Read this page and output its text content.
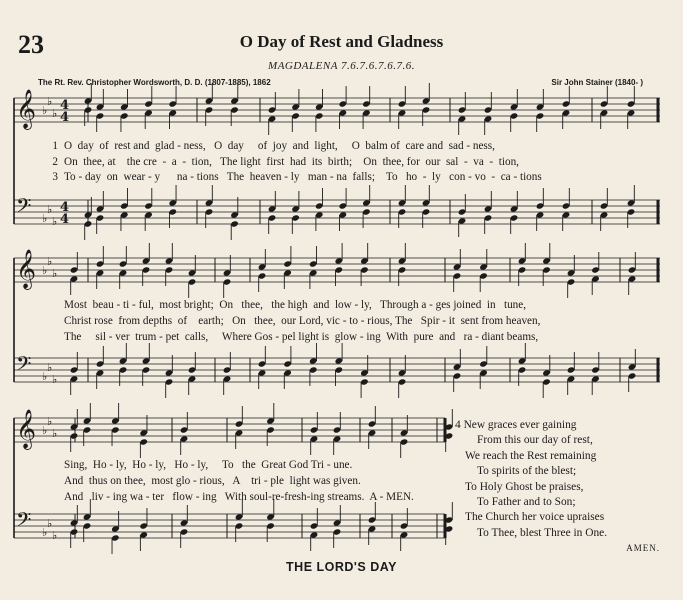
23	O Day of Rest and Gladness
MAGDALENA 7.6.7.6.7.6.7.6.
The Rt. Rev. Christopher Wordsworth, D. D. (1807-1885), 1862	Sir John Stainer (1840- )
𝄞 ♭
♭
♭
4
4
𝄢 ♭
♭
♭
4
4
𝄞 ♭
♭
♭
𝄢 ♭
♭
♭
𝄞 ♭
♭
♭
𝄢 ♭
♭
♭
1 O  day  of  rest and  glad - ness,   O  day     of  joy  and  light,     O  balm of  care and  sad - ness,
2 On  thee, at    the cre  -  a  -  tion,   The light  first  had  its  birth;    On  thee, for  our  sal  -  va  -  tion,
3 To - day  on  wear - y      na - tions   The  heaven - ly   man - na  falls;    To   ho  -  ly   con - vo  -  ca - tions
Most  beau - ti - ful,  most bright;  On   thee,   the high  and  low - ly,   Through a - ges joined  in   tune,
Christ rose  from depths  of    earth;   On   thee,  our Lord, vic - to - rious, The   Spir - it  sent from heaven,
The     sil - ver  trum - pet  calls,     Where Gos - pel light is  glow - ing  With  pure  and   ra - diant beams,
Sing,  Ho - ly,  Ho - ly,   Ho - ly,     To   the  Great God Tri - une.
And  thus on thee,  most glo - rious,   A    tri - ple  light was given.
And   liv - ing wa - ter   flow - ing   With soul-re-fresh-ing streams.  A - MEN.
4 New graces ever gaining
From this our day of rest,
We reach the Rest remaining
To spirits of the blest;
To Holy Ghost be praises,
To Father and to Son;
The Church her voice upraises
To Thee, blest Three in One.
AMEN.
THE LORD'S DAY
